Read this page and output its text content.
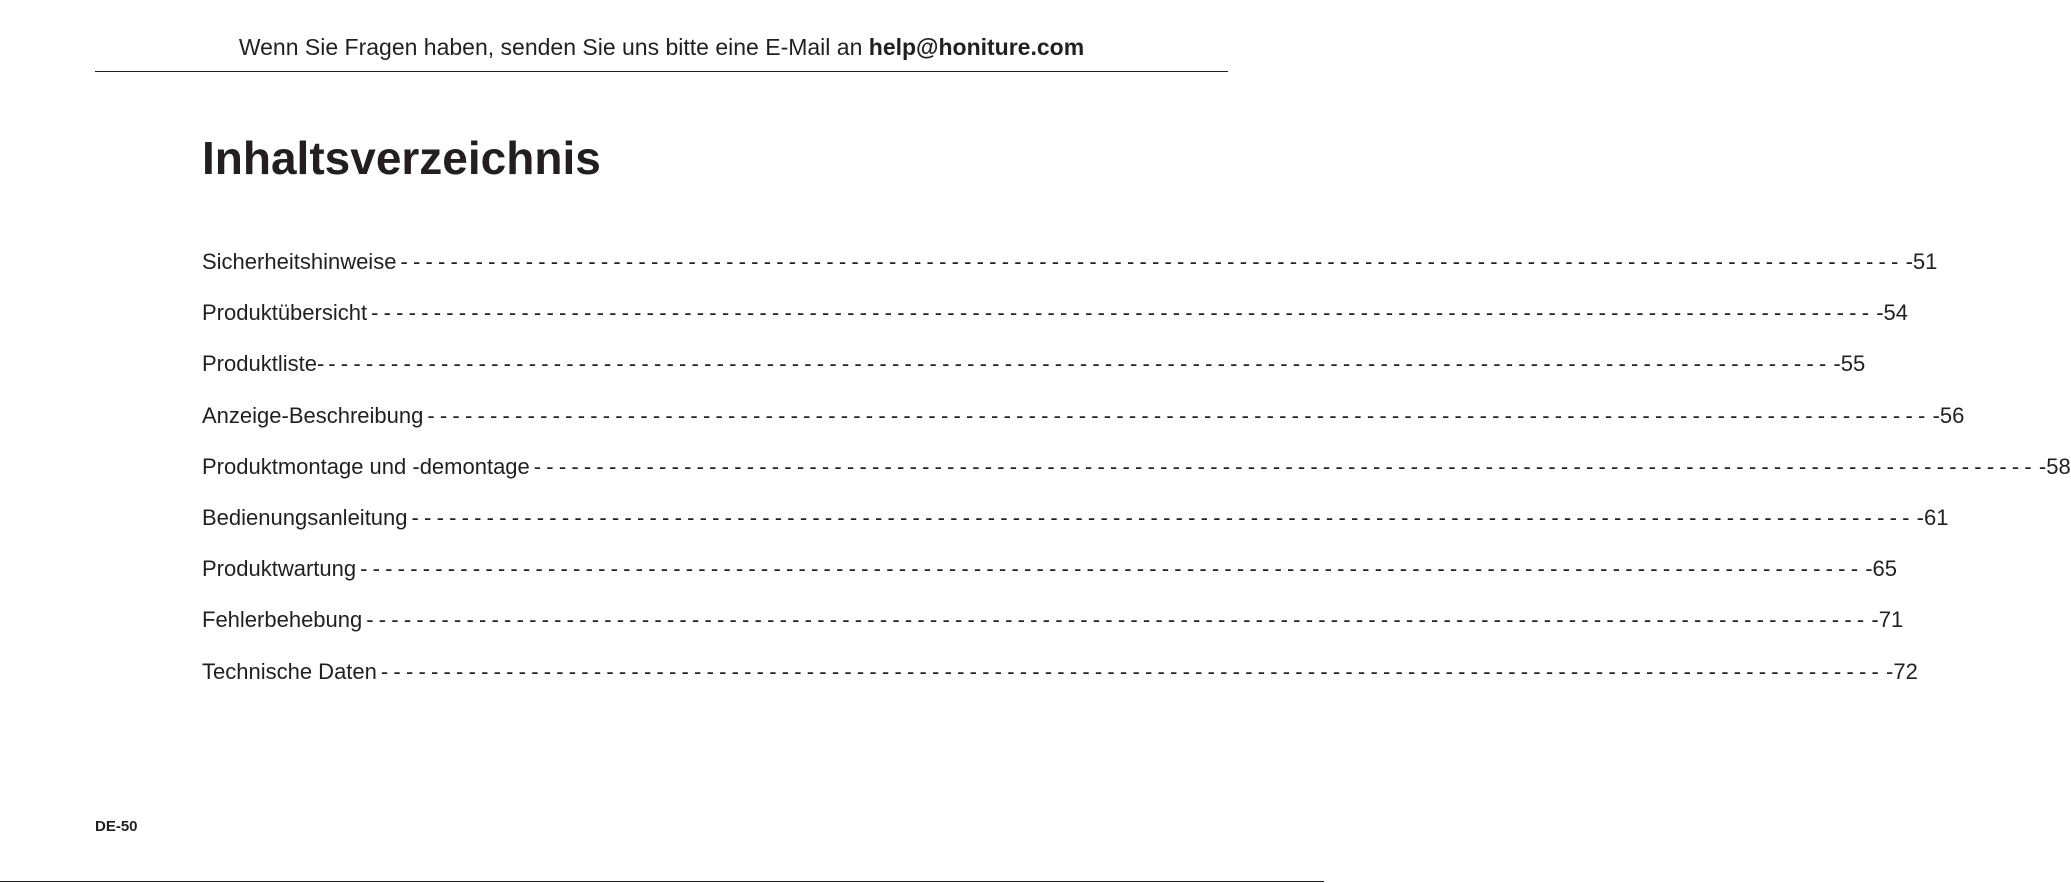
Wenn Sie Fragen haben, senden Sie uns bitte eine E-Mail an help@honiture.com
Inhaltsverzeichnis
Sicherheitshinweise ------------------------------------------------------------------------------------------------------------------------ -51
Produktübersicht ------------------------------------------------------------------------------------------------------------------------ -54
Produktliste- ------------------------------------------------------------------------------------------------------------------------ -55
Anzeige-Beschreibung ------------------------------------------------------------------------------------------------------------------------ -56
Produktmontage und -demontage ------------------------------------------------------------------------------------------------------------------------ -58
Bedienungsanleitung ------------------------------------------------------------------------------------------------------------------------ -61
Produktwartung ------------------------------------------------------------------------------------------------------------------------ -65
Fehlerbehebung ------------------------------------------------------------------------------------------------------------------------ -71
Technische Daten ------------------------------------------------------------------------------------------------------------------------ -72
DE-50
